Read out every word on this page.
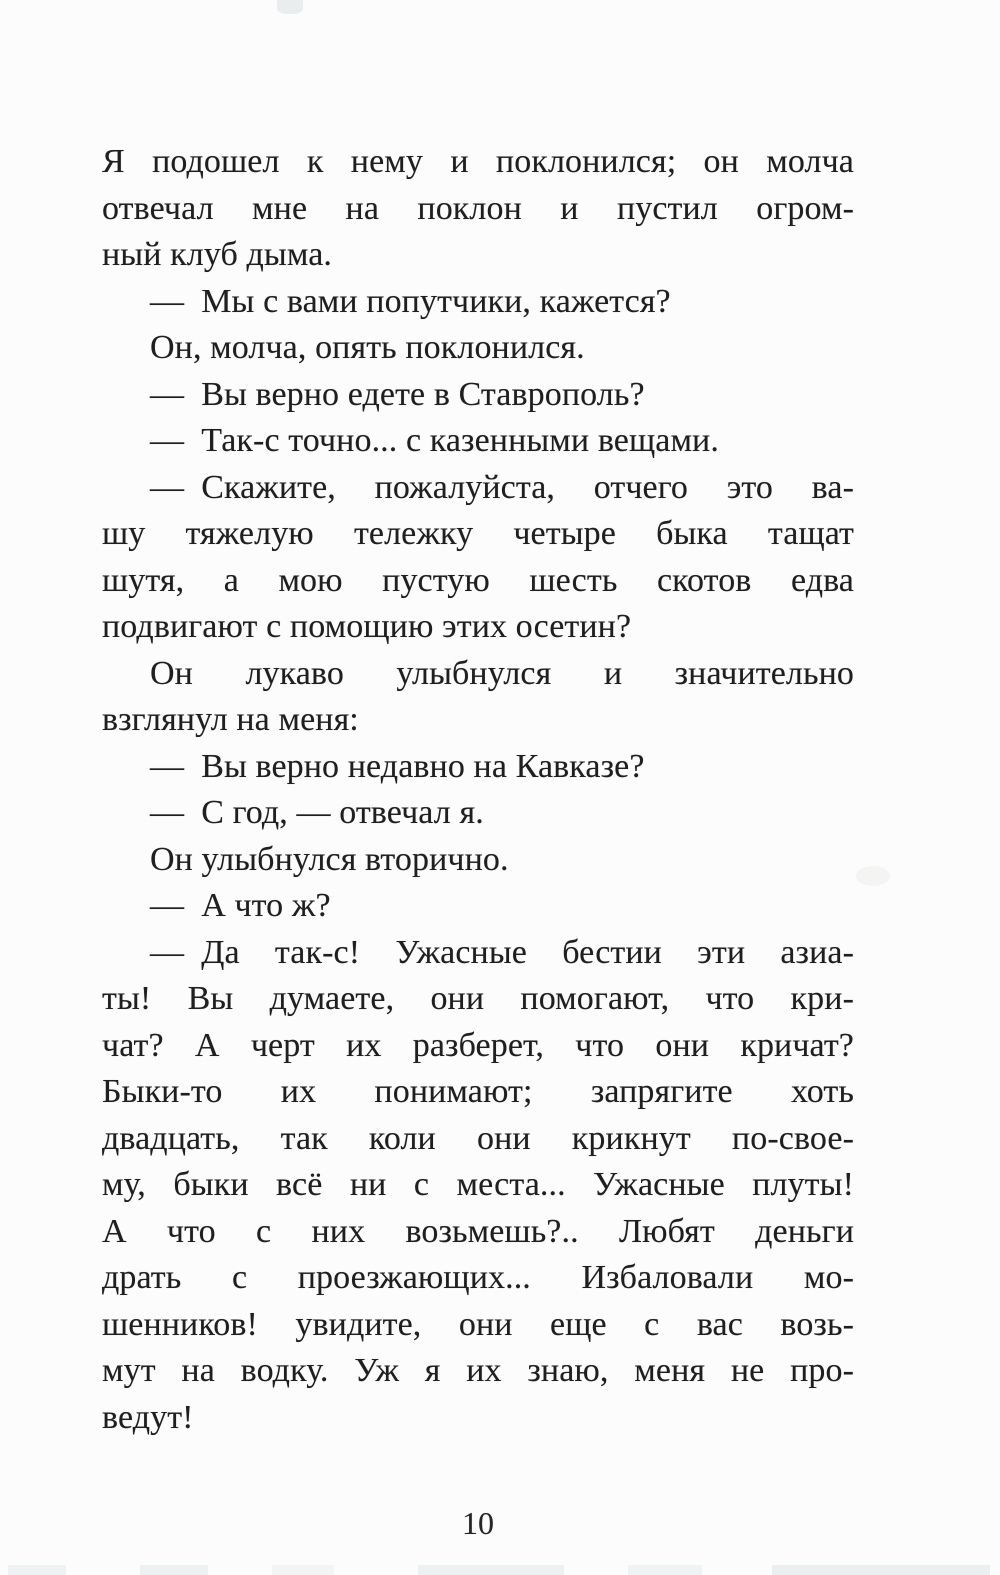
Я подошел к нему и поклонился; он молча
отвечал мне на поклон и пустил огром-
ный клуб дыма.
— Мы с вами попутчики, кажется?
Он, молча, опять поклонился.
— Вы верно едете в Ставрополь?
— Так-с точно... с казенными вещами.
— Скажите, пожалуйста, отчего это ва-
шу тяжелую тележку четыре быка тащат
шутя, а мою пустую шесть скотов едва
подвигают с помощию этих осетин?
Он лукаво улыбнулся и значительно
взглянул на меня:
— Вы верно недавно на Кавказе?
— С год, — отвечал я.
Он улыбнулся вторично.
— А что ж?
— Да так-с! Ужасные бестии эти азиа-
ты! Вы думаете, они помогают, что кри-
чат? А черт их разберет, что они кричат?
Быки-то их понимают; запрягите хоть
двадцать, так коли они крикнут по-свое-
му, быки всё ни с места... Ужасные плуты!
А что с них возьмешь?.. Любят деньги
драть с проезжающих... Избаловали мо-
шенников! увидите, они еще с вас возь-
мут на водку. Уж я их знаю, меня не про-
ведут!
10
